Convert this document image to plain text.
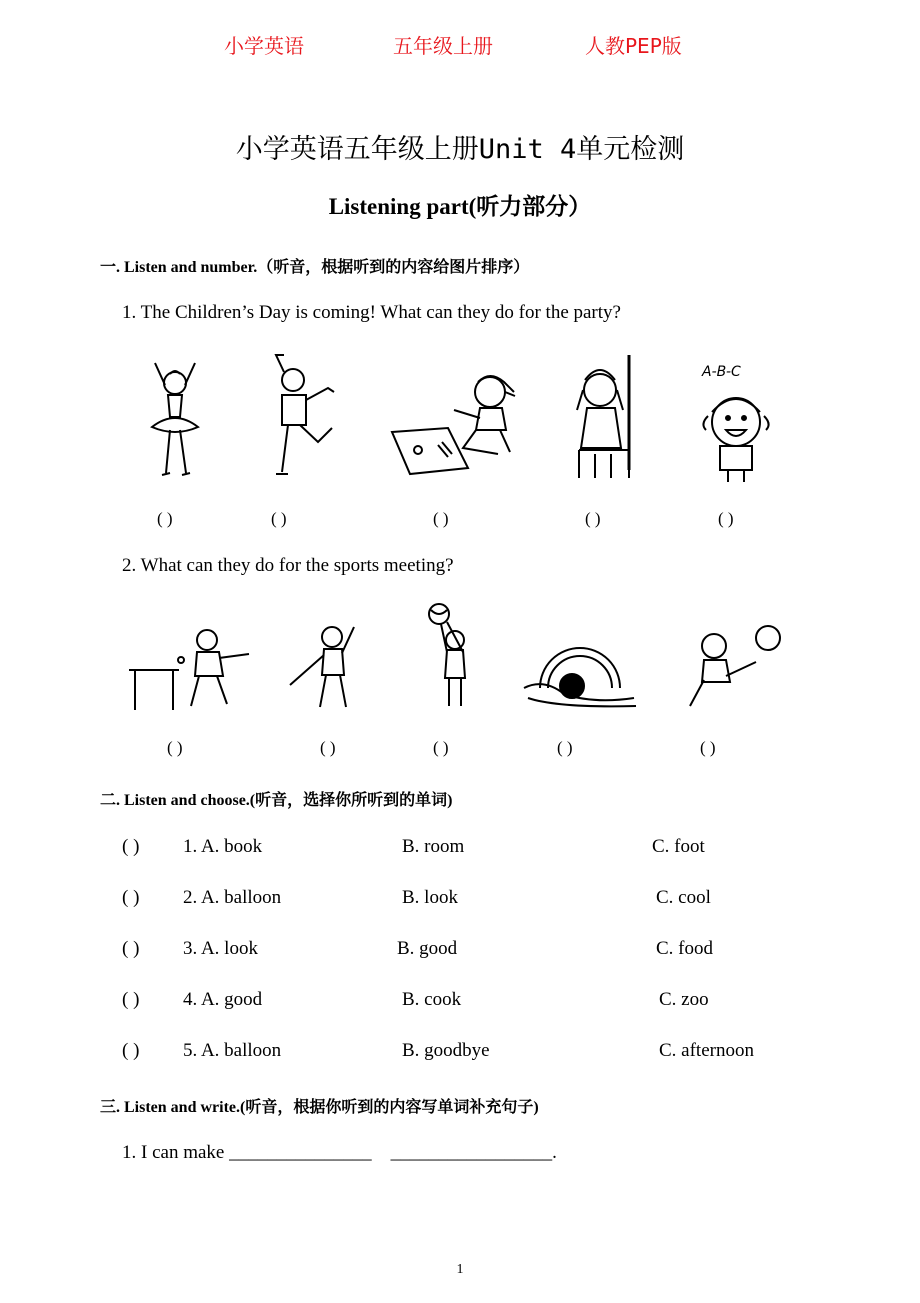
小学英语	五年级上册	人教PEP版
小学英语五年级上册Unit 4单元检测
Listening part(听力部分）
一. Listen and number.（听音，根据听到的内容给图片排序）
1. The Children’s Day is coming! What can they do for the party?
A-B-C
( )	( )	( )	( )	( )
2. What can they do for the sports meeting?
( )	( )	( )	( )	( )
二. Listen and choose.(听音，选择你所听到的单词)
( ) 1. A. book	B. room	C. foot
( ) 2. A. balloon	B. look	C. cool
( ) 3. A. look	B. good	C. food
( ) 4. A. good	B. cook	C. zoo
( ) 5. A. balloon	B. goodbye	C. afternoon
三. Listen and write.(听音，根据你听到的内容写单词补充句子)
1. I can make _______________    _________________.
1
